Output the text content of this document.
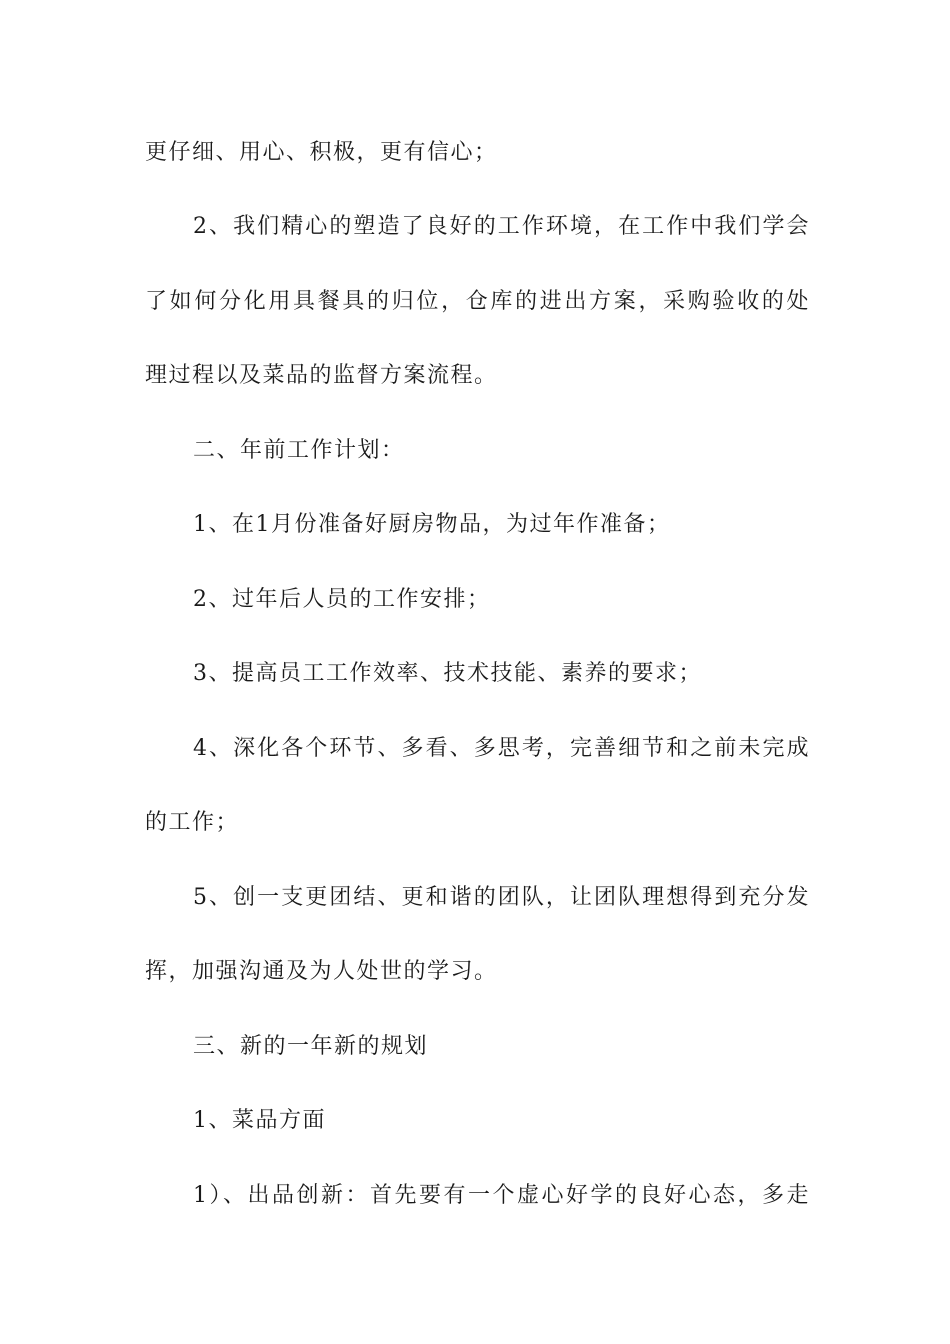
更仔细、用心、积极，更有信心；
2、我们精心的塑造了良好的工作环境，在工作中我们学会
了如何分化用具餐具的归位，仓库的进出方案，采购验收的处
理过程以及菜品的监督方案流程。
二、年前工作计划：
1、在1月份准备好厨房物品，为过年作准备；
2、过年后人员的工作安排；
3、提高员工工作效率、技术技能、素养的要求；
4、深化各个环节、多看、多思考，完善细节和之前未完成
的工作；
5、创一支更团结、更和谐的团队，让团队理想得到充分发
挥，加强沟通及为人处世的学习。
三、新的一年新的规划
1、菜品方面
1）、出品创新：首先要有一个虚心好学的良好心态，多走
